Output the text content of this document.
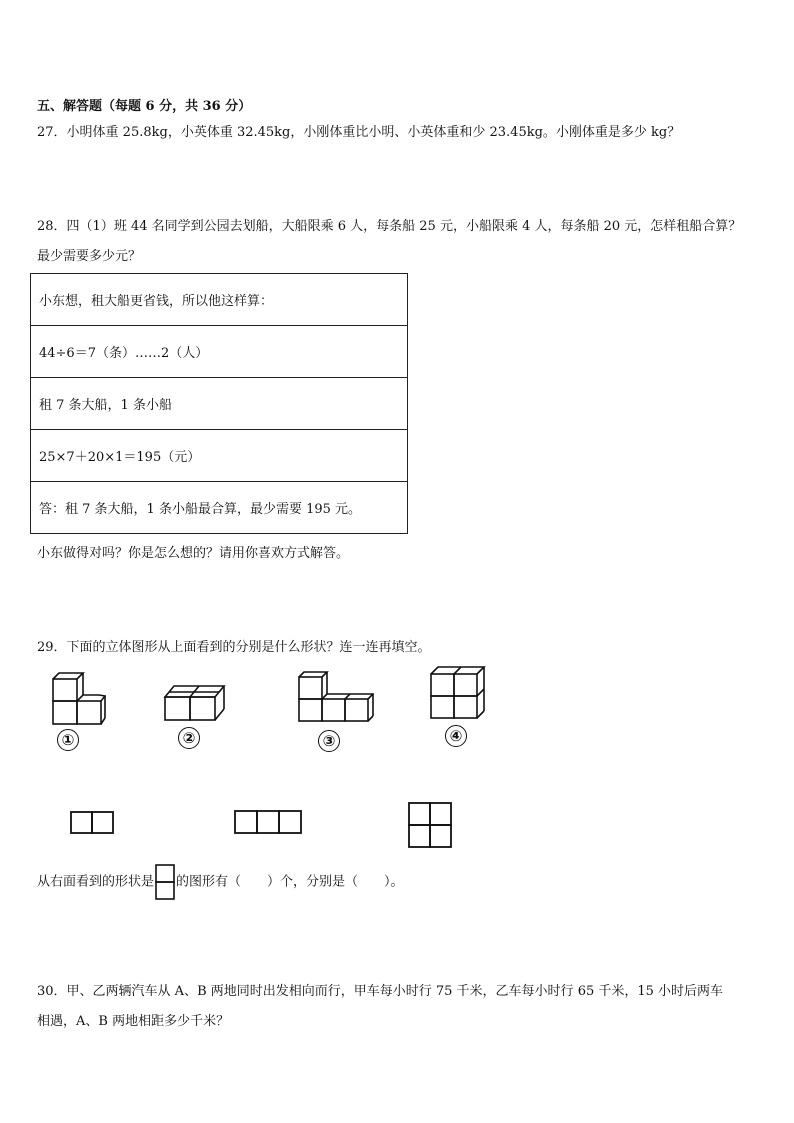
五、解答题（每题 6 分，共 36 分）
27．小明体重 25.8kg，小英体重 32.45kg，小刚体重比小明、小英体重和少 23.45kg。小刚体重是多少 kg？
28．四（1）班 44 名同学到公园去划船，大船限乘 6 人，每条船 25 元，小船限乘 4 人，每条船 20 元，怎样租船合算？
最少需要多少元？
小东想，租大船更省钱，所以他这样算：
44÷6＝7（条）……2（人）
租 7 条大船，1 条小船
25×7＋20×1＝195（元）
答：租 7 条大船，1 条小船最合算，最少需要 195 元。
小东做得对吗？你是怎么想的？请用你喜欢方式解答。
29．下面的立体图形从上面看到的分别是什么形状？连一连再填空。
①	②	③	④
从右面看到的形状是 的图形有（　　）个，分别是（　　）。
30．甲、乙两辆汽车从 A、B 两地同时出发相向而行，甲车每小时行 75 千米，乙车每小时行 65 千米，15 小时后两车
相遇，A、B 两地相距多少千米？
